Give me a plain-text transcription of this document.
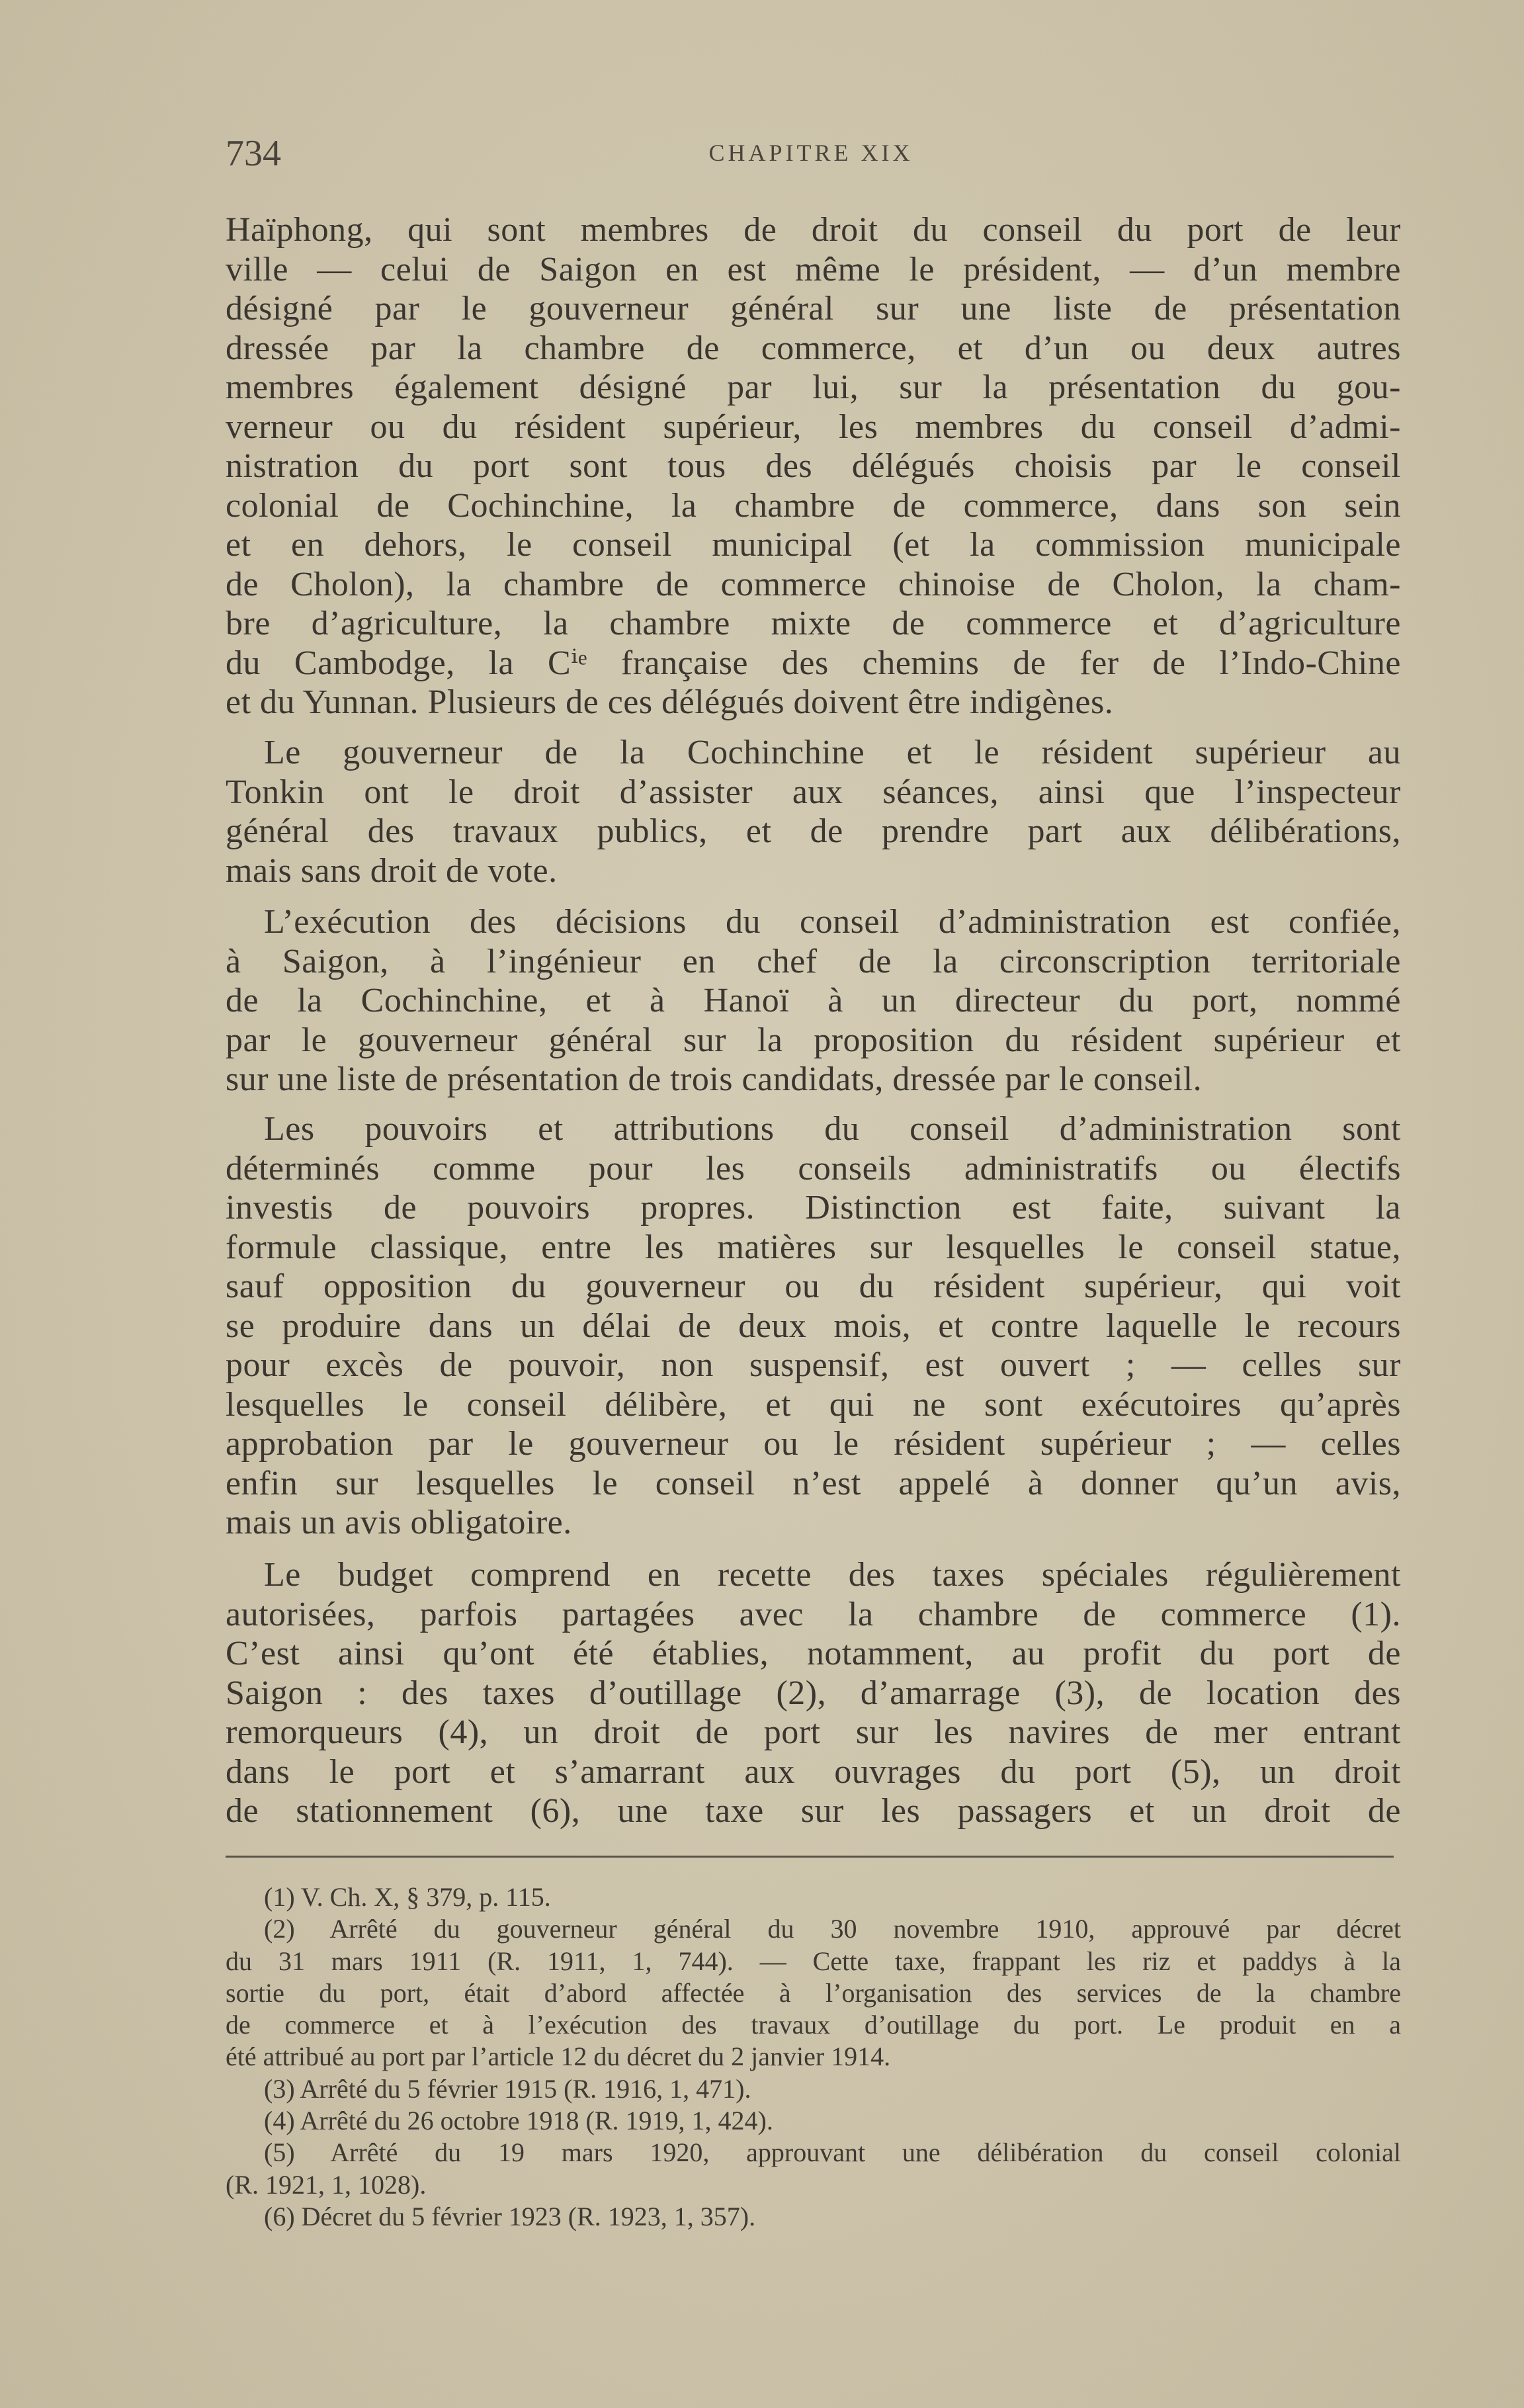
734	CHAPITRE XIX
Haïphong, qui sont membres de droit du conseil du port de leur
ville — celui de Saigon en est même le président, — d’un membre
désigné par le gouverneur général sur une liste de présentation
dressée par la chambre de commerce, et d’un ou deux autres
membres également désigné par lui, sur la présentation du gou-
verneur ou du résident supérieur, les membres du conseil d’admi-
nistration du port sont tous des délégués choisis par le conseil
colonial de Cochinchine, la chambre de commerce, dans son sein
et en dehors, le conseil municipal (et la commission municipale
de Cholon), la chambre de commerce chinoise de Cholon, la cham-
bre d’agriculture, la chambre mixte de commerce et d’agriculture
du Cambodge, la Cⁱᵉ française des chemins de fer de l’Indo-Chine
et du Yunnan. Plusieurs de ces délégués doivent être indigènes.
Le gouverneur de la Cochinchine et le résident supérieur au
Tonkin ont le droit d’assister aux séances, ainsi que l’inspecteur
général des travaux publics, et de prendre part aux délibérations,
mais sans droit de vote.
L’exécution des décisions du conseil d’administration est confiée,
à Saigon, à l’ingénieur en chef de la circonscription territoriale
de la Cochinchine, et à Hanoï à un directeur du port, nommé
par le gouverneur général sur la proposition du résident supérieur et
sur une liste de présentation de trois candidats, dressée par le conseil.
Les pouvoirs et attributions du conseil d’administration sont
déterminés comme pour les conseils administratifs ou électifs
investis de pouvoirs propres. Distinction est faite, suivant la
formule classique, entre les matières sur lesquelles le conseil statue,
sauf opposition du gouverneur ou du résident supérieur, qui voit
se produire dans un délai de deux mois, et contre laquelle le recours
pour excès de pouvoir, non suspensif, est ouvert ; — celles sur
lesquelles le conseil délibère, et qui ne sont exécutoires qu’après
approbation par le gouverneur ou le résident supérieur ; — celles
enfin sur lesquelles le conseil n’est appelé à donner qu’un avis,
mais un avis obligatoire.
Le budget comprend en recette des taxes spéciales régulièrement
autorisées, parfois partagées avec la chambre de commerce (1).
C’est ainsi qu’ont été établies, notamment, au profit du port de
Saigon : des taxes d’outillage (2), d’amarrage (3), de location des
remorqueurs (4), un droit de port sur les navires de mer entrant
dans le port et s’amarrant aux ouvrages du port (5), un droit
de stationnement (6), une taxe sur les passagers et un droit de
(1) V. Ch. X, § 379, p. 115.
(2) Arrêté du gouverneur général du 30 novembre 1910, approuvé par décret
du 31 mars 1911 (R. 1911, 1, 744). — Cette taxe, frappant les riz et paddys à la
sortie du port, était d’abord affectée à l’organisation des services de la chambre
de commerce et à l’exécution des travaux d’outillage du port. Le produit en a
été attribué au port par l’article 12 du décret du 2 janvier 1914.
(3) Arrêté du 5 février 1915 (R. 1916, 1, 471).
(4) Arrêté du 26 octobre 1918 (R. 1919, 1, 424).
(5) Arrêté du 19 mars 1920, approuvant une délibération du conseil colonial
(R. 1921, 1, 1028).
(6) Décret du 5 février 1923 (R. 1923, 1, 357).
